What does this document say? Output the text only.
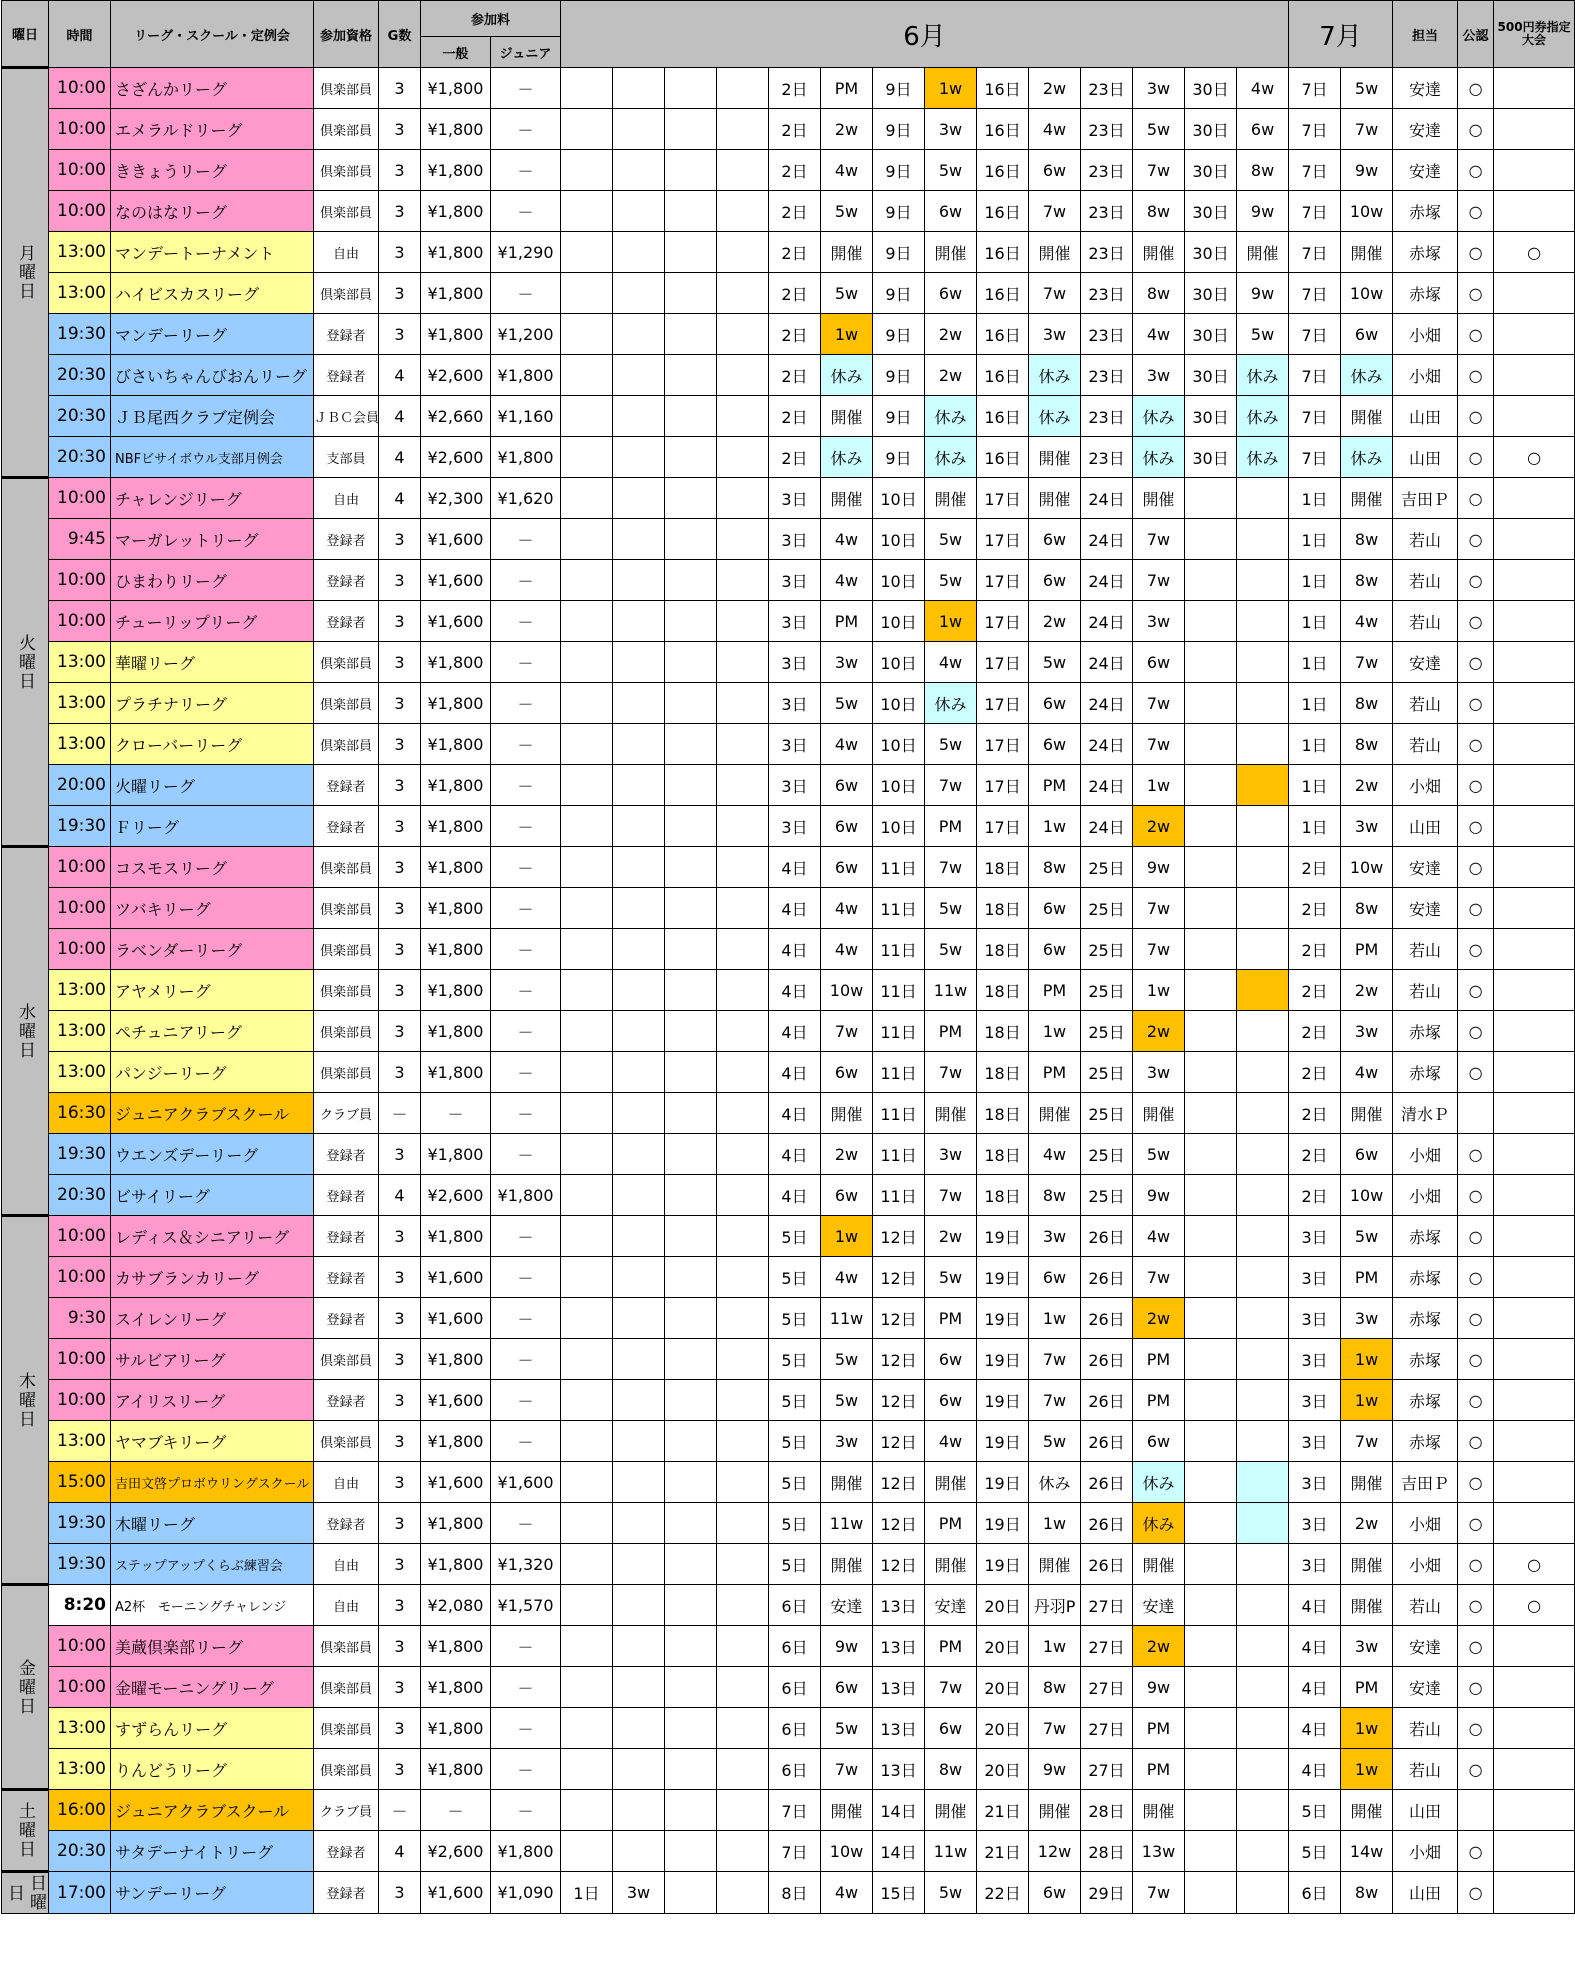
曜日	時間	リーグ・スクール・定例会	参加資格	G数	参加料		6月														7月		担当	公認	500円券指定大会
					一般	ジュニア																			
月曜日	10:00	さざんかリーグ	倶楽部員	3	¥1,800	－					2日	PM	9日	1w	16日	2w	23日	3w	30日	4w	7日	5w	安達	○	
	10:00	エメラルドリーグ	倶楽部員	3	¥1,800	－					2日	2w	9日	3w	16日	4w	23日	5w	30日	6w	7日	7w	安達	○	
	10:00	ききょうリーグ	倶楽部員	3	¥1,800	－					2日	4w	9日	5w	16日	6w	23日	7w	30日	8w	7日	9w	安達	○	
	10:00	なのはなリーグ	倶楽部員	3	¥1,800	－					2日	5w	9日	6w	16日	7w	23日	8w	30日	9w	7日	10w	赤塚	○	
	13:00	マンデートーナメント	自由	3	¥1,800	¥1,290					2日	開催	9日	開催	16日	開催	23日	開催	30日	開催	7日	開催	赤塚	○	○
	13:00	ハイビスカスリーグ	倶楽部員	3	¥1,800	－					2日	5w	9日	6w	16日	7w	23日	8w	30日	9w	7日	10w	赤塚	○	
	19:30	マンデーリーグ	登録者	3	¥1,800	¥1,200					2日	1w	9日	2w	16日	3w	23日	4w	30日	5w	7日	6w	小畑	○	
	20:30	びさいちゃんびおんリーグ	登録者	4	¥2,600	¥1,800					2日	休み	9日	2w	16日	休み	23日	3w	30日	休み	7日	休み	小畑	○	
	20:30	ＪＢ尾西クラブ定例会	ＪＢＣ会員	4	¥2,660	¥1,160					2日	開催	9日	休み	16日	休み	23日	休み	30日	休み	7日	開催	山田	○	
	20:30	NBFビサイボウル支部月例会	支部員	4	¥2,600	¥1,800					2日	休み	9日	休み	16日	開催	23日	休み	30日	休み	7日	休み	山田	○	○
火曜日	10:00	チャレンジリーグ	自由	4	¥2,300	¥1,620					3日	開催	10日	開催	17日	開催	24日	開催			1日	開催	吉田Ｐ	○	
	9:45	マーガレットリーグ	登録者	3	¥1,600	－					3日	4w	10日	5w	17日	6w	24日	7w			1日	8w	若山	○	
	10:00	ひまわりリーグ	登録者	3	¥1,600	－					3日	4w	10日	5w	17日	6w	24日	7w			1日	8w	若山	○	
	10:00	チューリップリーグ	登録者	3	¥1,600	－					3日	PM	10日	1w	17日	2w	24日	3w			1日	4w	若山	○	
	13:00	華曜リーグ	倶楽部員	3	¥1,800	－					3日	3w	10日	4w	17日	5w	24日	6w			1日	7w	安達	○	
	13:00	プラチナリーグ	倶楽部員	3	¥1,800	－					3日	5w	10日	休み	17日	6w	24日	7w			1日	8w	若山	○	
	13:00	クローバーリーグ	倶楽部員	3	¥1,800	－					3日	4w	10日	5w	17日	6w	24日	7w			1日	8w	若山	○	
	20:00	火曜リーグ	登録者	3	¥1,800	－					3日	6w	10日	7w	17日	PM	24日	1w			1日	2w	小畑	○	
	19:30	Ｆリーグ	登録者	3	¥1,800	－					3日	6w	10日	PM	17日	1w	24日	2w			1日	3w	山田	○	
水曜日	10:00	コスモスリーグ	倶楽部員	3	¥1,800	－					4日	6w	11日	7w	18日	8w	25日	9w			2日	10w	安達	○	
	10:00	ツバキリーグ	倶楽部員	3	¥1,800	－					4日	4w	11日	5w	18日	6w	25日	7w			2日	8w	安達	○	
	10:00	ラベンダーリーグ	倶楽部員	3	¥1,800	－					4日	4w	11日	5w	18日	6w	25日	7w			2日	PM	若山	○	
	13:00	アヤメリーグ	倶楽部員	3	¥1,800	－					4日	10w	11日	11w	18日	PM	25日	1w			2日	2w	若山	○	
	13:00	ペチュニアリーグ	倶楽部員	3	¥1,800	－					4日	7w	11日	PM	18日	1w	25日	2w			2日	3w	赤塚	○	
	13:00	パンジーリーグ	倶楽部員	3	¥1,800	－					4日	6w	11日	7w	18日	PM	25日	3w			2日	4w	赤塚	○	
	16:30	ジュニアクラブスクール	クラブ員	－	－	－					4日	開催	11日	開催	18日	開催	25日	開催			2日	開催	清水Ｐ		
	19:30	ウエンズデーリーグ	登録者	3	¥1,800	－					4日	2w	11日	3w	18日	4w	25日	5w			2日	6w	小畑	○	
	20:30	ビサイリーグ	登録者	4	¥2,600	¥1,800					4日	6w	11日	7w	18日	8w	25日	9w			2日	10w	小畑	○	
木曜日	10:00	レディス＆シニアリーグ	登録者	3	¥1,800	－					5日	1w	12日	2w	19日	3w	26日	4w			3日	5w	赤塚	○	
	10:00	カサブランカリーグ	登録者	3	¥1,600	－					5日	4w	12日	5w	19日	6w	26日	7w			3日	PM	赤塚	○	
	9:30	スイレンリーグ	登録者	3	¥1,600	－					5日	11w	12日	PM	19日	1w	26日	2w			3日	3w	赤塚	○	
	10:00	サルビアリーグ	倶楽部員	3	¥1,800	－					5日	5w	12日	6w	19日	7w	26日	PM			3日	1w	赤塚	○	
	10:00	アイリスリーグ	登録者	3	¥1,600	－					5日	5w	12日	6w	19日	7w	26日	PM			3日	1w	赤塚	○	
	13:00	ヤマブキリーグ	倶楽部員	3	¥1,800	－					5日	3w	12日	4w	19日	5w	26日	6w			3日	7w	赤塚	○	
	15:00	吉田文啓プロボウリングスクール	自由	3	¥1,600	¥1,600					5日	開催	12日	開催	19日	休み	26日	休み			3日	開催	吉田Ｐ	○	
	19:30	木曜リーグ	登録者	3	¥1,800	－					5日	11w	12日	PM	19日	1w	26日	休み			3日	2w	小畑	○	
	19:30	ステップアップくらぶ練習会	自由	3	¥1,800	¥1,320					5日	開催	12日	開催	19日	開催	26日	開催			3日	開催	小畑	○	○
金曜日	8:20	A2杯　モーニングチャレンジ	自由	3	¥2,080	¥1,570					6日	安達	13日	安達	20日	丹羽P	27日	安達			4日	開催	若山	○	○
	10:00	美蔵倶楽部リーグ	倶楽部員	3	¥1,800	－					6日	9w	13日	PM	20日	1w	27日	2w			4日	3w	安達	○	
	10:00	金曜モーニングリーグ	倶楽部員	3	¥1,800	－					6日	6w	13日	7w	20日	8w	27日	9w			4日	PM	安達	○	
	13:00	すずらんリーグ	倶楽部員	3	¥1,800	－					6日	5w	13日	6w	20日	7w	27日	PM			4日	1w	若山	○	
	13:00	りんどうリーグ	倶楽部員	3	¥1,800	－					6日	7w	13日	8w	20日	9w	27日	PM			4日	1w	若山	○	
土曜日	16:00	ジュニアクラブスクール	クラブ員	－	－	－					7日	開催	14日	開催	21日	開催	28日	開催			5日	開催	山田		
	20:30	サタデーナイトリーグ	登録者	4	¥2,600	¥1,800					7日	10w	14日	11w	21日	12w	28日	13w			5日	14w	小畑	○	
日曜日	17:00	サンデーリーグ	登録者	3	¥1,600	¥1,090	1日	3w			8日	4w	15日	5w	22日	6w	29日	7w			6日	8w	山田	○	
